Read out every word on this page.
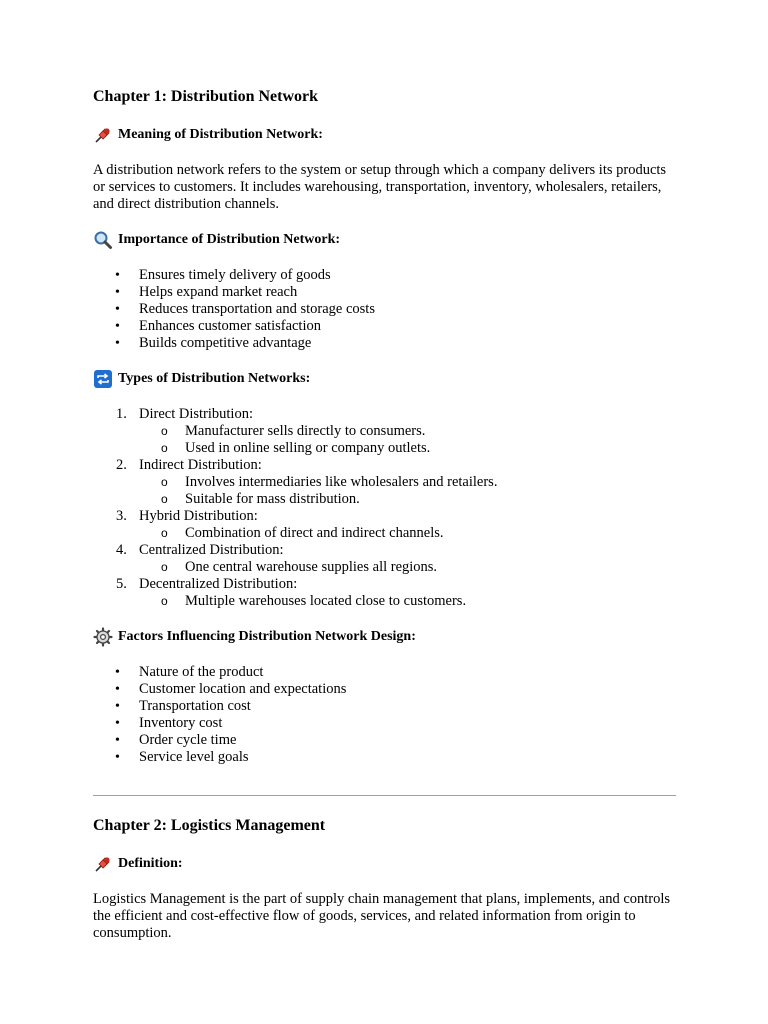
Chapter 1: Distribution Network
Meaning of Distribution Network:

A distribution network refers to the system or setup through which a company delivers its products or services to customers. It includes warehousing, transportation, inventory, wholesalers, retailers, and direct distribution channels.

Importance of Distribution Network:
• Ensures timely delivery of goods
• Helps expand market reach
• Reduces transportation and storage costs
• Enhances customer satisfaction
• Builds competitive advantage
Types of Distribution Networks:
1. Direct Distribution:
o Manufacturer sells directly to consumers.
o Used in online selling or company outlets.
2. Indirect Distribution:
o Involves intermediaries like wholesalers and retailers.
o Suitable for mass distribution.
3. Hybrid Distribution:
o Combination of direct and indirect channels.
4. Centralized Distribution:
o One central warehouse supplies all regions.
5. Decentralized Distribution:
o Multiple warehouses located close to customers.
Factors Influencing Distribution Network Design:
• Nature of the product
• Customer location and expectations
• Transportation cost
• Inventory cost
• Order cycle time
• Service level goals
Chapter 2: Logistics Management
Definition:

Logistics Management is the part of supply chain management that plans, implements, and controls the efficient and cost-effective flow of goods, services, and related information from origin to consumption.
